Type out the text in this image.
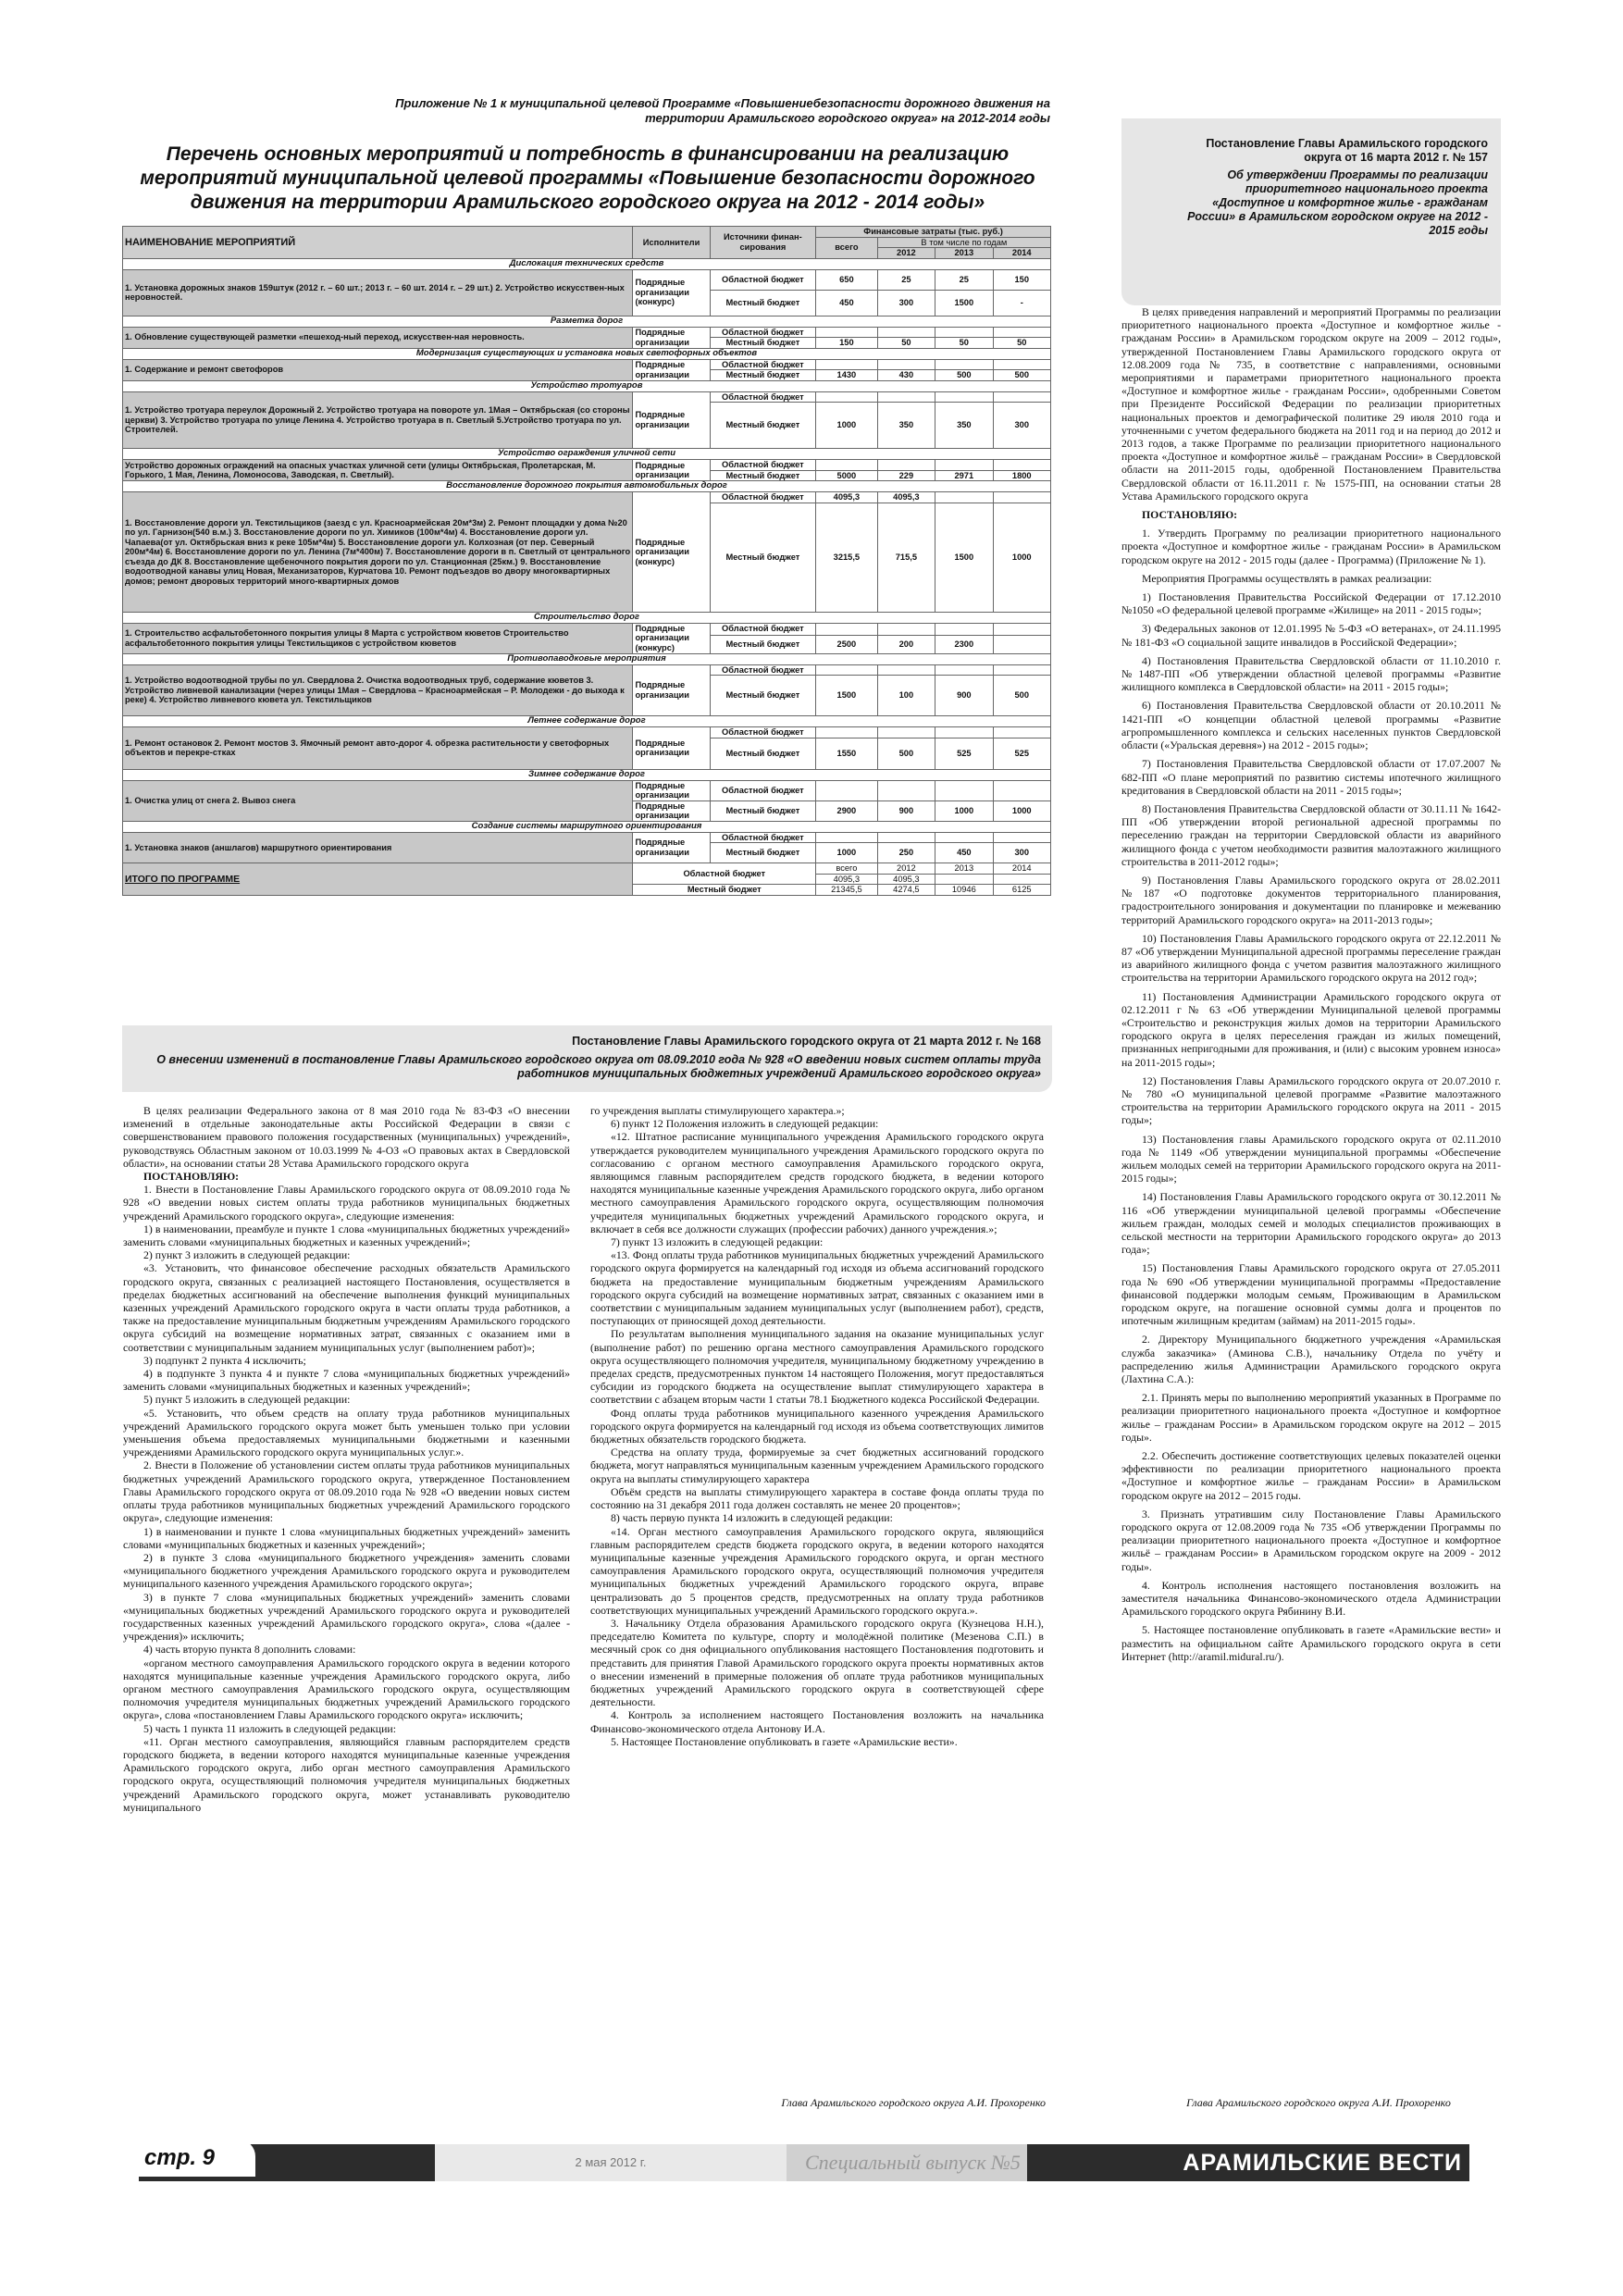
Приложение № 1 к муниципальной целевой Программе «Повышениебезопасности дорожного движения на территории Арамильского городского округа» на 2012-2014 годы
Перечень основных мероприятий и потребность в финансировании на реализацию мероприятий муниципальной целевой программы «Повышение безопасности дорожного движения на территории Арамильского городского округа на 2012 - 2014 годы»
НАИМЕНОВАНИЕ МЕРОПРИЯТИЙ	Исполнители	Источники финан-сирования	Финансовые затраты (тыс. руб.)			
			всего	В том числе по годам		
				2012	2013	2014
Дислокация технических средств						
1. Установка дорожных знаков 159штук (2012 г. – 60 шт.; 2013 г. – 60 шт. 2014 г. – 29 шт.) 2. Устройство искусствен-ных неровностей.	Подрядные организации (конкурс)	Областной бюджет	650	25	25	150
		Местный бюджет	450	300	1500	-
Разметка дорог						
1. Обновление существующей разметки «пешеход-ный переход, искусствен-ная неровность.	Подрядные организации	Областной бюджет				
		Местный бюджет	150	50	50	50
Модернизация существующих и установка новых светофорных объектов						
1. Содержание и ремонт светофоров	Подрядные организации	Областной бюджет				
		Местный бюджет	1430	430	500	500
Устройство тротуаров						
1. Устройство тротуара переулок Дорожный 2. Устройство тротуара на повороте ул. 1Мая – Октябрьская (со стороны церкви) 3. Устройство тротуара по улице Ленина 4. Устройство тротуара в п. Светлый 5.Устройство тротуара по ул. Строителей.	Подрядные организации	Областной бюджет				
		Местный бюджет	1000	350	350	300
Устройство ограждения уличной сети						
Устройство дорожных ограждений на опасных участках уличной сети (улицы Октябрьская, Пролетарская, М. Горького, 1 Мая, Ленина, Ломоносова, Заводская, п. Светлый).	Подрядные организации	Областной бюджет				
		Местный бюджет	5000	229	2971	1800
Восстановление дорожного покрытия автомобильных дорог						
1. Восстановление дороги ул. Текстильщиков (заезд с ул. Красноармейская 20м*3м) 2. Ремонт площадки у дома №20 по ул. Гарнизон(540 в.м.) 3. Восстановление дороги по ул. Химиков (100м*4м) 4. Восстановление дороги ул. Чапаева(от ул. Октябрьская вниз к реке 105м*4м) 5. Восстановление дороги ул. Колхозная (от пер. Северный 200м*4м) 6. Восстановление дороги по ул. Ленина (7м*400м) 7. Восстановление дороги в п. Светлый от центрального съезда до ДК 8. Восстановление щебеночного покрытия дороги по ул. Станционная (25км.) 9. Восстановление водоотводной канавы улиц Новая, Механизаторов, Курчатова 10. Ремонт подъездов во двору многоквартирных домов; ремонт дворовых территорий много-квартирных домов	Подрядные организации (конкурс)	Областной бюджет	4095,3	4095,3		
		Местный бюджет	3215,5	715,5	1500	1000
Строительство дорог						
1. Строительство асфальтобетонного покрытия улицы 8 Марта с устройством кюветов Строительство асфальтобетонного покрытия улицы Текстильщиков с устройством кюветов	Подрядные организации (конкурс)	Областной бюджет				
		Местный бюджет	2500	200	2300	
Противопаводковые мероприятия						
1. Устройство водоотводной трубы по ул. Свердлова 2. Очистка водоотводных труб, содержание кюветов 3. Устройство ливневой канализации (через улицы 1Мая – Свердлова – Красноармейская – Р. Молодежи - до выхода к реке) 4. Устройство ливневого кювета ул. Текстильщиков	Подрядные организации	Областной бюджет				
		Местный бюджет	1500	100	900	500
Летнее содержание дорог						
1. Ремонт остановок 2. Ремонт мостов 3. Ямочный ремонт авто-дорог 4. обрезка растительности у светофорных объектов и перекре-стках	Подрядные организации	Областной бюджет				
		Местный бюджет	1550	500	525	525
Зимнее содержание дорог						
1. Очистка улиц от снега 2. Вывоз снега	Подрядные организации	Областной бюджет				
	Подрядные организации	Местный бюджет	2900	900	1000	1000
Создание системы маршрутного ориентирования						
1. Установка знаков (аншлагов) маршрутного ориентирования	Подрядные организации	Областной бюджет				
		Местный бюджет	1000	250	450	300
ИТОГО ПО ПРОГРАММЕ	Областной бюджет		всего	2012	2013	2014
			4095,3	4095,3		
	Местный бюджет		21345,5	4274,5	10946	6125
Постановление Главы Арамильского городского округа от 16 марта 2012 г. № 157
Об утверждении Программы по реализации приоритетного национального проекта «Доступное и комфортное жилье - гражданам России» в Арамильском городском округе на 2012 - 2015 годы

В целях приведения направлений и мероприятий Программы по реализации приоритетного национального проекта «Доступное и комфортное жилье - гражданам России» в Арамильском городском округе на 2009 – 2012 годы», утвержденной Постановлением Главы Арамильского городского округа от 12.08.2009 года № 735, в соответствие с направлениями, основными мероприятиями и параметрами приоритетного национального проекта «Доступное и комфортное жилье - гражданам России», одобренными Советом при Президенте Российской Федерации по реализации приоритетных национальных проектов и демографической политике 29 июля 2010 года и уточненными с учетом федерального бюджета на 2011 год и на период до 2012 и 2013 годов, а также Программе по реализации приоритетного национального проекта «Доступное и комфортное жильё – гражданам России» в Свердловской области на 2011-2015 годы, одобренной Постановлением Правительства Свердловской области от 16.11.2011 г. № 1575-ПП, на основании статьи 28 Устава Арамильского городского округа

ПОСТАНОВЛЯЮ:

1. Утвердить Программу по реализации приоритетного национального проекта «Доступное и комфортное жилье - гражданам России» в Арамильском городском округе на 2012 - 2015 годы (далее - Программа) (Приложение № 1).

Мероприятия Программы осуществлять в рамках реализации:

1) Постановления Правительства Российской Федерации от 17.12.2010 №1050 «О федеральной целевой программе «Жилище» на 2011 - 2015 годы»;

3) Федеральных законов от 12.01.1995 № 5-ФЗ «О ветеранах», от 24.11.1995 № 181-ФЗ «О социальной защите инвалидов в Российской Федерации»;

4) Постановления Правительства Свердловской области от 11.10.2010 г. №1487-ПП «Об утверждении областной целевой программы «Развитие жилищного комплекса в Свердловской области» на 2011 - 2015 годы»;

6) Постановления Правительства Свердловской области от 20.10.2011 № 1421-ПП «О концепции областной целевой программы «Развитие агропромышленного комплекса и сельских населенных пунктов Свердловской области («Уральская деревня») на 2012 - 2015 годы»;

7) Постановления Правительства Свердловской области от 17.07.2007 № 682-ПП «О плане мероприятий по развитию системы ипотечного жилищного кредитования в Свердловской области на 2011 - 2015 годы»;

8) Постановления Правительства Свердловской области от 30.11.11 № 1642-ПП «Об утверждении второй региональной адресной программы по переселению граждан на территории Свердловской области из аварийного жилищного фонда с учетом необходимости развития малоэтажного жилищного строительства в 2011-2012 годы»;

9) Постановления Главы Арамильского городского округа от 28.02.2011 №187 «О подготовке документов территориального планирования, градостроительного зонирования и документации по планировке и межеванию территорий Арамильского городского округа» на 2011-2013 годы»;

10) Постановления Главы Арамильского городского округа от 22.12.2011 № 87 «Об утверждении Муниципальной адресной программы переселение граждан из аварийного жилищного фонда с учетом развития малоэтажного жилищного строительства на территории Арамильского городского округа на 2012 год»;

11) Постановления Администрации Арамильского городского округа от 02.12.2011 г № 63 «Об утверждении Муниципальной целевой программы «Строительство и реконструкция жилых домов на территории Арамильского городского округа в целях переселения граждан из жилых помещений, признанных непригодными для проживания, и (или) с высоким уровнем износа» на 2011-2015 годы»;

12) Постановления Главы Арамильского городского округа от 20.07.2010 г. № 780 «О муниципальной целевой программе «Развитие малоэтажного строительства на территории Арамильского городского округа на 2011 - 2015 годы»;

13) Постановления главы Арамильского городского округа от 02.11.2010 года № 1149 «Об утверждении муниципальной программы «Обеспечение жильем молодых семей на территории Арамильского городского округа на 2011-2015 годы»;

14) Постановления Главы Арамильского городского округа от 30.12.2011 № 116 «Об утверждении муниципальной целевой программы «Обеспечение жильем граждан, молодых семей и молодых специалистов проживающих в сельской местности на территории Арамильского городского округа» до 2013 года»;

15) Постановления Главы Арамильского городского округа от 27.05.2011 года № 690 «Об утверждении муниципальной программы «Предоставление финансовой поддержки молодым семьям, Проживающим в Арамильском городском округе, на погашение основной суммы долга и процентов по ипотечным жилищным кредитам (займам) на 2011-2015 годы».

2. Директору Муниципального бюджетного учреждения «Арамильская служба заказчика» (Аминова С.В.), начальнику Отдела по учёту и распределению жилья Администрации Арамильского городского округа (Лахтина С.А.):

2.1. Принять меры по выполнению мероприятий указанных в Программе по реализации приоритетного национального проекта «Доступное и комфортное жилье – гражданам России» в Арамильском городском округе на 2012 – 2015 годы».

2.2. Обеспечить достижение соответствующих целевых показателей оценки эффективности по реализации приоритетного национального проекта «Доступное и комфортное жилье – гражданам России» в Арамильском городском округе на 2012 – 2015 годы.

3. Признать утратившим силу Постановление Главы Арамильского городского округа от 12.08.2009 года № 735 «Об утверждении Программы по реализации приоритетного национального проекта «Доступное и комфортное жильё – гражданам России» в Арамильском городском округе на 2009 - 2012 годы».

4. Контроль исполнения настоящего постановления возложить на заместителя начальника Финансово-экономического отдела Администрации Арамильского городского округа Рябинину В.И.

5. Настоящее постановление опубликовать в газете «Арамильские вести» и разместить на официальном сайте Арамильского городского округа в сети Интернет (http://aramil.midural.ru/).

Глава Арамильского городского округа А.И. Прохоренко
Постановление Главы Арамильского городского округа от 21 марта 2012 г. № 168
О внесении изменений в постановление Главы Арамильского городского округа от 08.09.2010 года № 928 «О введении новых систем оплаты труда работников муниципальных бюджетных учреждений Арамильского городского округа»

В целях реализации Федерального закона от 8 мая 2010 года № 83-ФЗ «О внесении изменений в отдельные законодательные акты Российской Федерации в связи с совершенствованием правового положения государственных (муниципальных) учреждений», руководствуясь Областным законом от 10.03.1999 № 4-ОЗ «О правовых актах в Свердловской области», на основании статьи 28 Устава Арамильского городского округа

ПОСТАНОВЛЯЮ:

1. Внести в Постановление Главы Арамильского городского округа от 08.09.2010 года № 928 «О введении новых систем оплаты труда работников муниципальных бюджетных учреждений Арамильского городского округа», следующие изменения:

1) в наименовании, преамбуле и пункте 1 слова «муниципальных бюджетных учреждений» заменить словами «муниципальных бюджетных и казенных учреждений»;

2) пункт 3 изложить в следующей редакции:

«3. Установить, что финансовое обеспечение расходных обязательств Арамильского городского округа, связанных с реализацией настоящего Постановления, осуществляется в пределах бюджетных ассигнований на обеспечение выполнения функций муниципальных казенных учреждений Арамильского городского округа в части оплаты труда работников, а также на предоставление муниципальным бюджетным учреждениям Арамильского городского округа субсидий на возмещение нормативных затрат, связанных с оказанием ими в соответствии с муниципальным заданием муниципальных услуг (выполнением работ)»;

3) подпункт 2 пункта 4 исключить;

4) в подпункте 3 пункта 4 и пункте 7 слова «муниципальных бюджетных учреждений» заменить словами «муниципальных бюджетных и казенных учреждений»;

5) пункт 5 изложить в следующей редакции:

«5. Установить, что объем средств на оплату труда работников муниципальных учреждений Арамильского городского округа может быть уменьшен только при условии уменьшения объема предоставляемых муниципальными бюджетными и казенными учреждениями Арамильского городского округа муниципальных услуг.».

2. Внести в Положение об установлении систем оплаты труда работников муниципальных бюджетных учреждений Арамильского городского округа, утвержденное Постановлением Главы Арамильского городского округа от 08.09.2010 года № 928 «О введении новых систем оплаты труда работников муниципальных бюджетных учреждений Арамильского городского округа», следующие изменения:

1) в наименовании и пункте 1 слова «муниципальных бюджетных учреждений» заменить словами «муниципальных бюджетных и казенных учреждений»;

2) в пункте 3 слова «муниципального бюджетного учреждения» заменить словами «муниципального бюджетного учреждения Арамильского городского округа и руководителем муниципального казенного учреждения Арамильского городского округа»;

3) в пункте 7 слова «муниципальных бюджетных учреждений» заменить словами «муниципальных бюджетных учреждений Арамильского городского округа и руководителей государственных казенных учреждений Арамильского городского округа», слова «(далее - учреждения)» исключить;

4) часть вторую пункта 8 дополнить словами:

«органом местного самоуправления Арамильского городского округа в ведении которого находятся муниципальные казенные учреждения Арамильского городского округа, либо органом местного самоуправления Арамильского городского округа, осуществляющим полномочия учредителя муниципальных бюджетных учреждений Арамильского городского округа», слова «постановлением Главы Арамильского городского округа» исключить;

5) часть 1 пункта 11 изложить в следующей редакции:

«11. Орган местного самоуправления, являющийся главным распорядителем средств городского бюджета, в ведении которого находятся муниципальные казенные учреждения Арамильского городского округа, либо орган местного самоуправления Арамильского городского округа, осуществляющий полномочия учредителя муниципальных бюджетных учреждений Арамильского городского округа, может устанавливать руководителю муниципального

го учреждения выплаты стимулирующего характера.»;

6) пункт 12 Положения изложить в следующей редакции:

«12. Штатное расписание муниципального учреждения Арамильского городского округа утверждается руководителем муниципального учреждения Арамильского городского округа по согласованию с органом местного самоуправления Арамильского городского округа, являющимся главным распорядителем средств городского бюджета, в ведении которого находятся муниципальные казенные учреждения Арамильского городского округа, либо органом местного самоуправления Арамильского городского округа, осуществляющим полномочия учредителя муниципальных бюджетных учреждений Арамильского городского округа, и включает в себя все должности служащих (профессии рабочих) данного учреждения.»;

7) пункт 13 изложить в следующей редакции:

«13. Фонд оплаты труда работников муниципальных бюджетных учреждений Арамильского городского округа формируется на календарный год исходя из объема ассигнований городского бюджета на предоставление муниципальным бюджетным учреждениям Арамильского городского округа субсидий на возмещение нормативных затрат, связанных с оказанием ими в соответствии с муниципальным заданием муниципальных услуг (выполнением работ), средств, поступающих от приносящей доход деятельности.

По результатам выполнения муниципального задания на оказание муниципальных услуг (выполнение работ) по решению органа местного самоуправления Арамильского городского округа осуществляющего полномочия учредителя, муниципальному бюджетному учреждению в пределах средств, предусмотренных пунктом 14 настоящего Положения, могут предоставляться субсидии из городского бюджета на осуществление выплат стимулирующего характера в соответствии с абзацем вторым части 1 статьи 78.1 Бюджетного кодекса Российской Федерации.

Фонд оплаты труда работников муниципального казенного учреждения Арамильского городского округа формируется на календарный год исходя из объема соответствующих лимитов бюджетных обязательств городского бюджета.

Средства на оплату труда, формируемые за счет бюджетных ассигнований городского бюджета, могут направляться муниципальным казенным учреждением Арамильского городского округа на выплаты стимулирующего характера

Объём средств на выплаты стимулирующего характера в составе фонда оплаты труда по состоянию на 31 декабря 2011 года должен составлять не менее 20 процентов»;

8) часть первую пункта 14 изложить в следующей редакции:

«14. Орган местного самоуправления Арамильского городского округа, являющийся главным распорядителем средств бюджета городского округа, в ведении которого находятся муниципальные казенные учреждения Арамильского городского округа, и орган местного самоуправления Арамильского городского округа, осуществляющий полномочия учредителя муниципальных бюджетных учреждений Арамильского городского округа, вправе централизовать до 5 процентов средств, предусмотренных на оплату труда работников соответствующих муниципальных учреждений Арамильского городского округа.».

3. Начальнику Отдела образования Арамильского городского округа (Кузнецова Н.Н.), председателю Комитета по культуре, спорту и молодёжной политике (Мезенова С.П.) в месячный срок со дня официального опубликования настоящего Постановления подготовить и представить для принятия Главой Арамильского городского округа проекты нормативных актов о внесении изменений в примерные положения об оплате труда работников муниципальных бюджетных учреждений Арамильского городского округа в соответствующей сфере деятельности.

4. Контроль за исполнением настоящего Постановления возложить на начальника Финансово-экономического отдела Антонову И.А.

5. Настоящее Постановление опубликовать в газете «Арамильские вести».

Глава Арамильского городского округа А.И. Прохоренко
2 мая 2012 г.	Специальный выпуск №5
стр. 9	АРАМИЛЬСКИЕ ВЕСТИ
